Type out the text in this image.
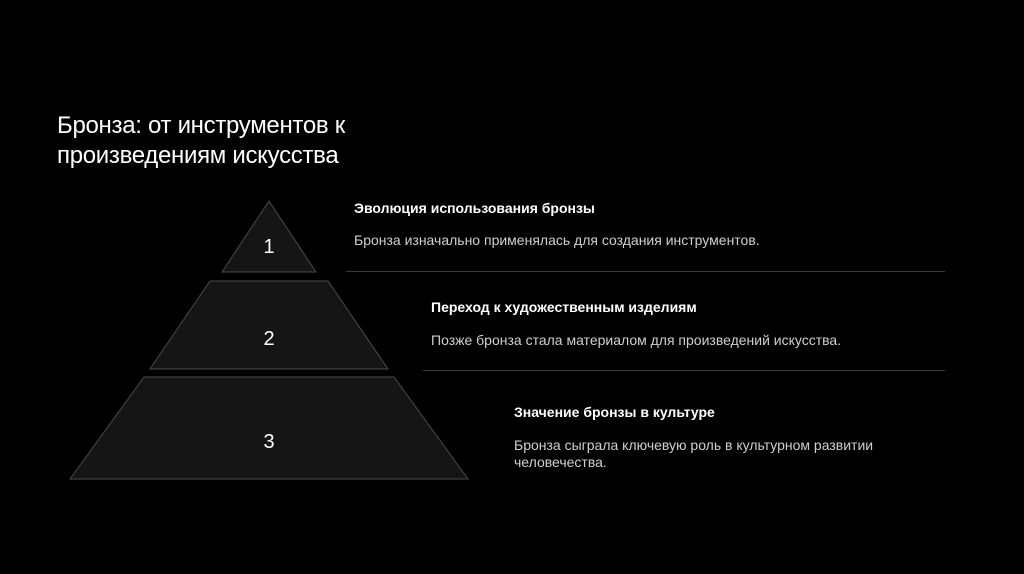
Бронза: от инструментов к произведениям искусства
1
2
3
Эволюция использования бронзы

Бронза изначально применялась для создания инструментов.

Переход к художественным изделиям

Позже бронза стала материалом для произведений искусства.

Значение бронзы в культуре

Бронза сыграла ключевую роль в культурном развитии человечества.
